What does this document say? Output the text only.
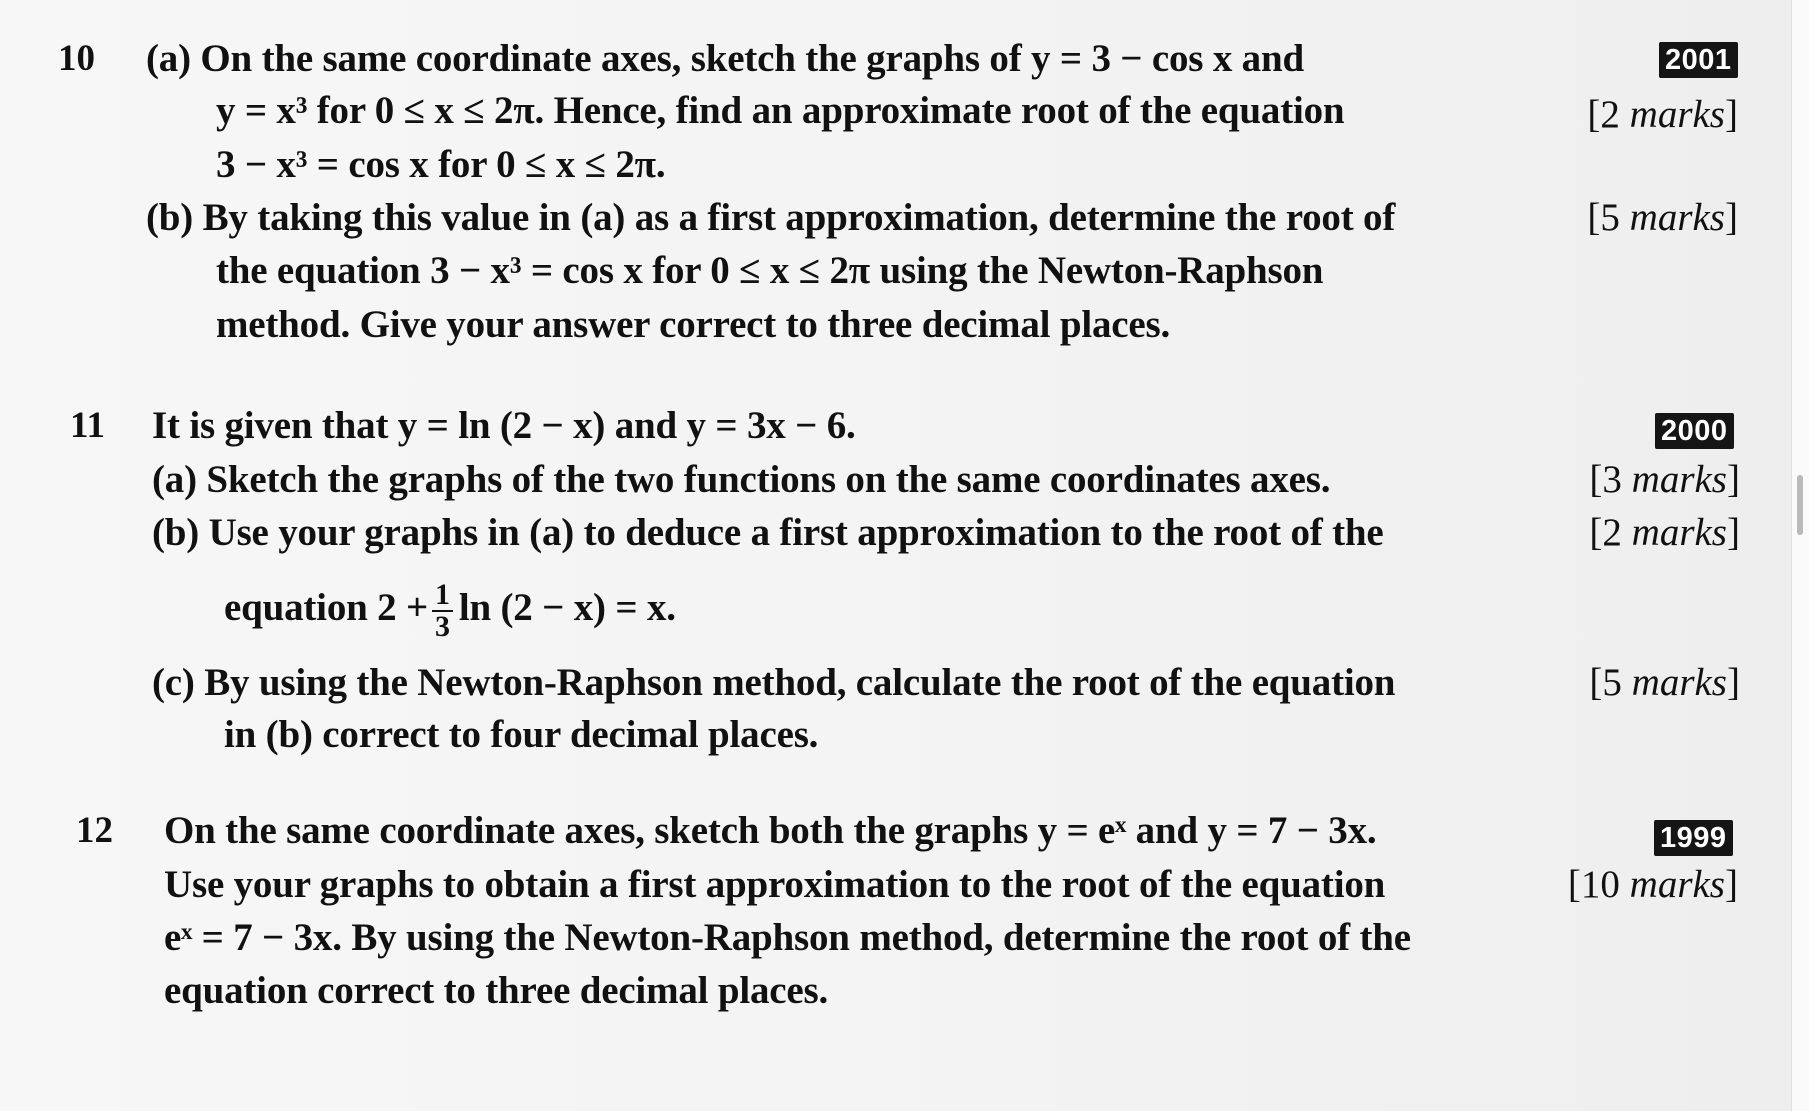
10	2001
(a) On the same coordinate axes, sketch the graphs of y = 3 − cos x and
y = x³ for 0 ≤ x ≤ 2π. Hence, find an approximate root of the equation
3 − x³ = cos x for 0 ≤ x ≤ 2π.
(b) By taking this value in (a) as a first approximation, determine the root of
the equation 3 − x³ = cos x for 0 ≤ x ≤ 2π using the Newton-Raphson
method. Give your answer correct to three decimal places.
[2 marks]
[5 marks]
11	2000
It is given that y = ln (2 − x) and y = 3x − 6.
(a) Sketch the graphs of the two functions on the same coordinates axes.
(b) Use your graphs in (a) to deduce a first approximation to the root of the
equation $2 + \frac{1}{3}$ ln (2 − x) = x.
(c) By using the Newton-Raphson method, calculate the root of the equation
in (b) correct to four decimal places.
[3 marks]
[2 marks]
[5 marks]
12	1999
On the same coordinate axes, sketch both the graphs y = eˣ and y = 7 − 3x.
Use your graphs to obtain a first approximation to the root of the equation
eˣ = 7 − 3x. By using the Newton-Raphson method, determine the root of the
equation correct to three decimal places.
[10 marks]
